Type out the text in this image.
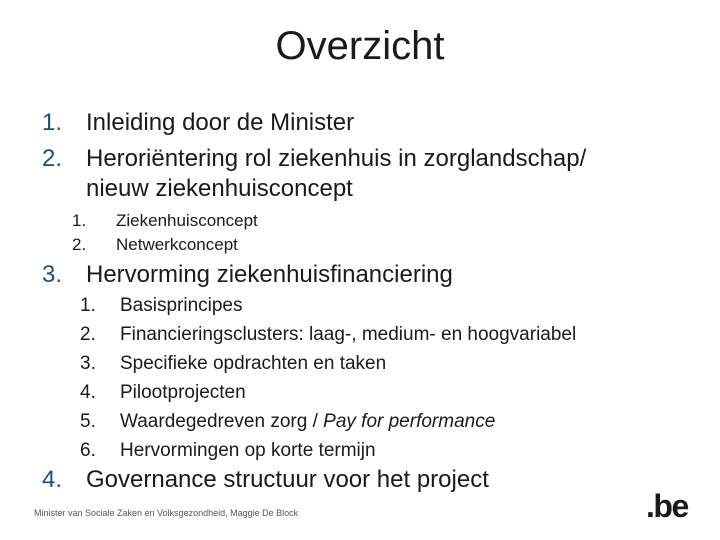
Overzicht
1. Inleiding door de Minister
2. Heroriëntering rol ziekenhuis in zorglandschap/
nieuw ziekenhuisconcept
1. Ziekenhuisconcept
2. Netwerkconcept
3. Hervorming ziekenhuisfinanciering
1. Basisprincipes
2. Financieringsclusters: laag-, medium- en hoogvariabel
3. Specifieke opdrachten en taken
4. Pilootprojecten
5. Waardegedreven zorg / Pay for performance
6. Hervormingen op korte termijn
4. Governance structuur voor het project
Minister van Sociale Zaken en Volksgezondheid, Maggie De Block	.be
